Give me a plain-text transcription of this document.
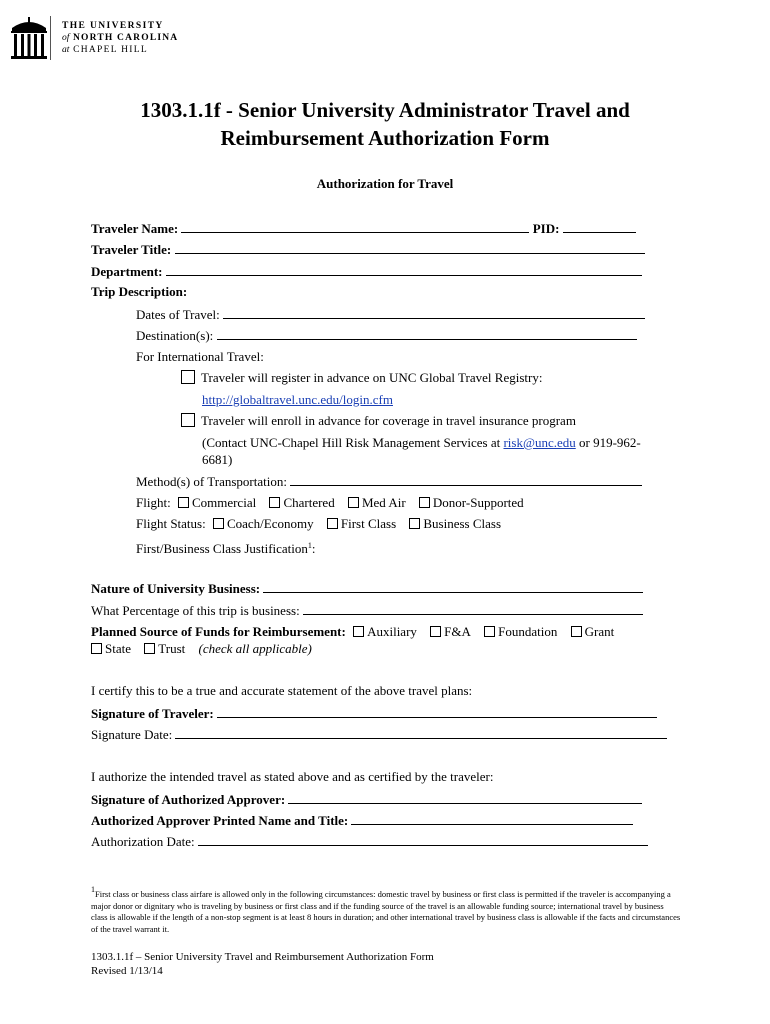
THE UNIVERSITY
of NORTH CAROLINA
at CHAPEL HILL
1303.1.1f - Senior University Administrator Travel and
Reimbursement Authorization Form
Authorization for Travel
Traveler Name:	PID:
Traveler Title:
Department:
Trip Description:
Dates of Travel:
Destination(s):
For International Travel:
Traveler will register in advance on UNC Global Travel Registry:
http://globaltravel.unc.edu/login.cfm
Traveler will enroll in advance for coverage in travel insurance program
(Contact UNC-Chapel Hill Risk Management Services at risk@unc.edu or 919-962-
6681)
Method(s) of Transportation:
Flight: Commercial Chartered Med Air Donor-Supported
Flight Status: Coach/Economy First Class Business Class
First/Business Class Justification$^1$:
Nature of University Business:
What Percentage of this trip is business:
Planned Source of Funds for Reimbursement: Auxiliary F&A Foundation Grant
State Trust (check all applicable)
I certify this to be a true and accurate statement of the above travel plans:
Signature of Traveler:
Signature Date:
I authorize the intended travel as stated above and as certified by the traveler:
Signature of Authorized Approver:
Authorized Approver Printed Name and Title:
Authorization Date:
$^1$First class or business class airfare is allowed only in the following circumstances: domestic travel by business or first class is permitted if the traveler is accompanying a major donor or dignitary who is traveling by business or first class and if the funding source of the travel is an allowable funding source; international travel by business class is allowable if the length of a non-stop segment is at least 8 hours in duration; and other international travel by business class is allowable if the facts and circumstances of the travel warrant it.
1303.1.1f – Senior University Travel and Reimbursement Authorization Form
Revised 1/13/14
